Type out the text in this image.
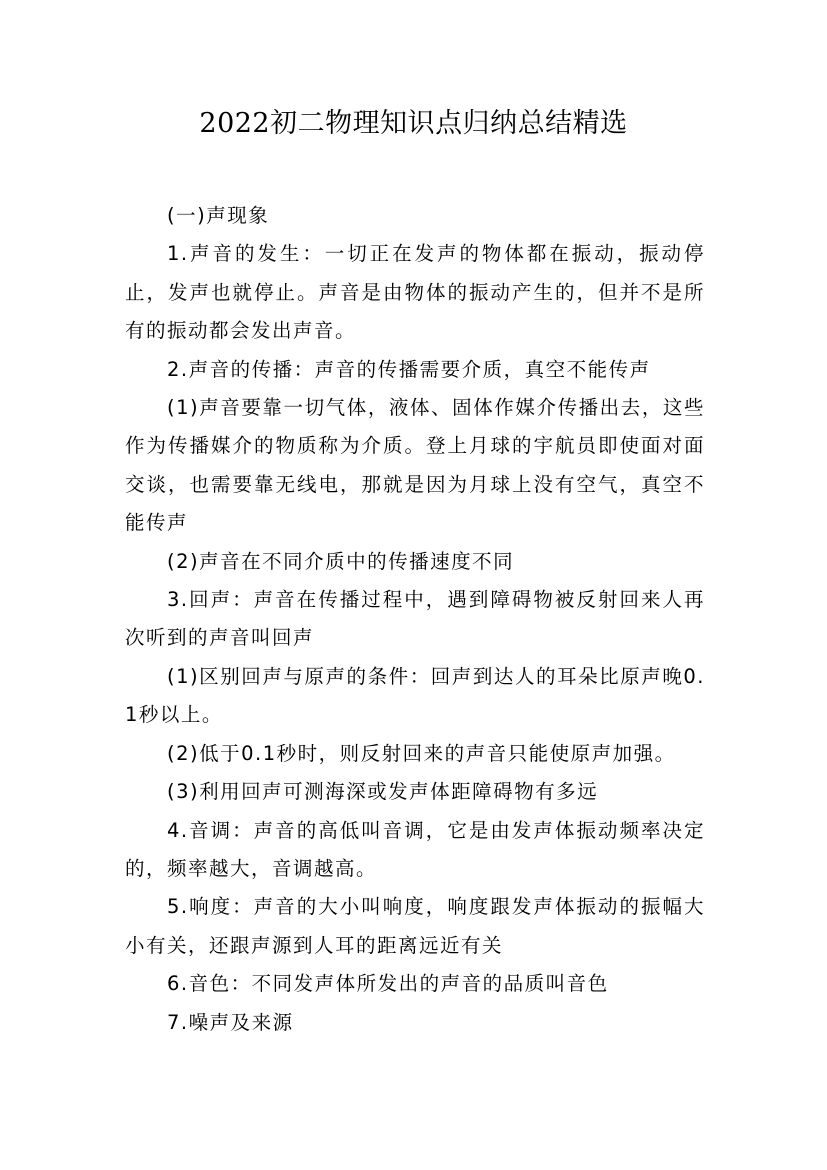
2022初二物理知识点归纳总结精选

(一)声现象

1.声音的发生：一切正在发声的物体都在振动，振动停止，发声也就停止。声音是由物体的振动产生的，但并不是所有的振动都会发出声音。

2.声音的传播：声音的传播需要介质，真空不能传声

(1)声音要靠一切气体，液体、固体作媒介传播出去，这些作为传播媒介的物质称为介质。登上月球的宇航员即使面对面交谈，也需要靠无线电，那就是因为月球上没有空气，真空不能传声

(2)声音在不同介质中的传播速度不同

3.回声：声音在传播过程中，遇到障碍物被反射回来人再次听到的声音叫回声

(1)区别回声与原声的条件：回声到达人的耳朵比原声晚0.1秒以上。

(2)低于0.1秒时，则反射回来的声音只能使原声加强。

(3)利用回声可测海深或发声体距障碍物有多远

4.音调：声音的高低叫音调，它是由发声体振动频率决定的，频率越大，音调越高。

5.响度：声音的大小叫响度，响度跟发声体振动的振幅大小有关，还跟声源到人耳的距离远近有关

6.音色：不同发声体所发出的声音的品质叫音色

7.噪声及来源
